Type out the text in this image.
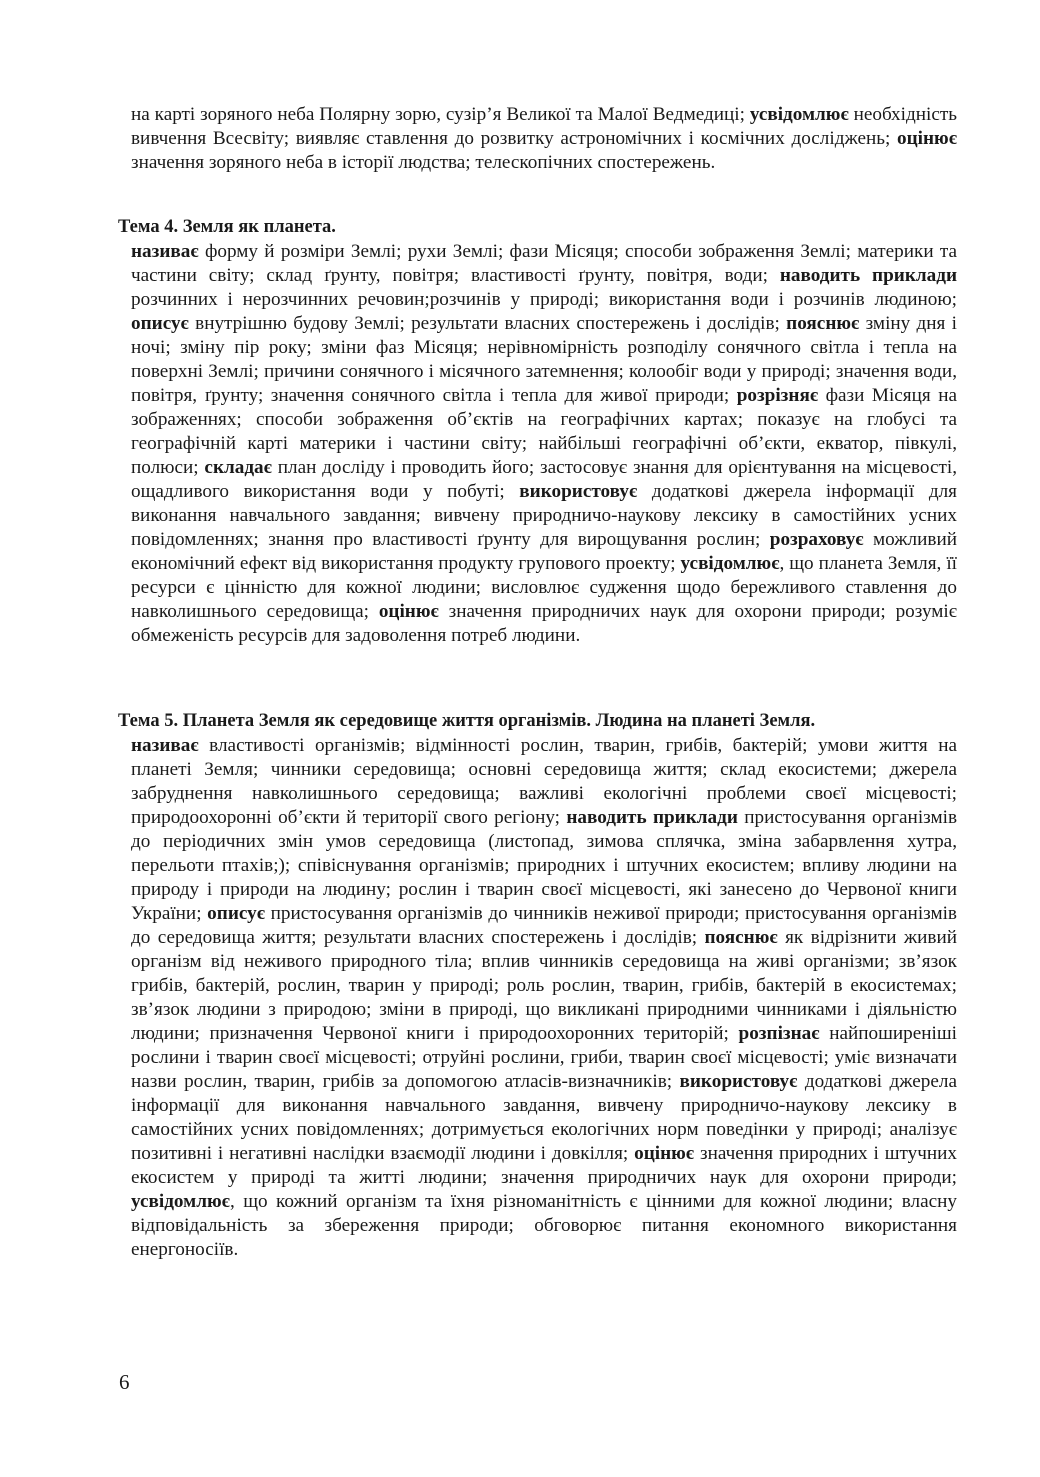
на карті зоряного неба Полярну зорю, сузір’я Великої та Малої Ведмедиці; усвідомлює необхідність вивчення Всесвіту; виявляє ставлення до розвитку астрономічних і космічних досліджень; оцінює значення зоряного неба в історії людства; телескопічних спостережень.

Тема 4. Земля як планета.

називає форму й розміри Землі; рухи Землі; фази Місяця; способи зображення Землі; материки та частини світу; склад ґрунту, повітря; властивості ґрунту, повітря, води; наводить приклади розчинних і нерозчинних речовин;розчинів у природі; використання води і розчинів людиною; описує внутрішню будову Землі; результати власних спостережень і дослідів; пояснює зміну дня і ночі; зміну пір року; зміни фаз Місяця; нерівномірність розподілу сонячного світла і тепла на поверхні Землі; причини сонячного і місячного затемнення; колообіг води у природі; значення води, повітря, ґрунту; значення сонячного світла і тепла для живої природи; розрізняє фази Місяця на зображеннях; способи зображення об’єктів на географічних картах; показує на глобусі та географічній карті материки і частини світу; найбільші географічні об’єкти, екватор, півкулі, полюси; складає план досліду і проводить його; застосовує знання для орієнтування на місцевості, ощадливого використання води у побуті; використовує додаткові джерела інформації для виконання навчального завдання; вивчену природничо-наукову лексику в самостійних усних повідомленнях; знання про властивості ґрунту для вирощування рослин; розраховує можливий економічний ефект від використання продукту групового проекту; усвідомлює, що планета Земля, її ресурси є цінністю для кожної людини; висловлює судження щодо бережливого ставлення до навколишнього середовища; оцінює значення природничих наук для охорони природи; розуміє обмеженість ресурсів для задоволення потреб людини.

Тема 5. Планета Земля як середовище життя організмів. Людина на планеті Земля.

називає властивості організмів; відмінності рослин, тварин, грибів, бактерій; умови життя на планеті Земля; чинники середовища; основні середовища життя; склад екосистеми; джерела забруднення навколишнього середовища; важливі екологічні проблеми своєї місцевості; природоохоронні об’єкти й території свого регіону; наводить приклади пристосування організмів до періодичних змін умов середовища (листопад, зимова сплячка, зміна забарвлення хутра, перельоти птахів;); співіснування організмів; природних і штучних екосистем; впливу людини на природу і природи на людину; рослин і тварин своєї місцевості, які занесено до Червоної книги України; описує пристосування організмів до чинників неживої природи; пристосування організмів до середовища життя; результати власних спостережень і дослідів; пояснює як відрізнити живий організм від неживого природного тіла; вплив чинників середовища на живі організми; зв’язок грибів, бактерій, рослин, тварин у природі; роль рослин, тварин, грибів, бактерій в екосистемах; зв’язок людини з природою; зміни в природі, що викликані природними чинниками і діяльністю людини; призначення Червоної книги і природоохоронних територій; розпізнає найпоширеніші рослини і тварин своєї місцевості; отруйні рослини, гриби, тварин своєї місцевості; уміє визначати назви рослин, тварин, грибів за допомогою атласів-визначників; використовує додаткові джерела інформації для виконання навчального завдання, вивчену природничо-наукову лексику в самостійних усних повідомленнях; дотримується екологічних норм поведінки у природі; аналізує позитивні і негативні наслідки взаємодії людини і довкілля; оцінює значення природних і штучних екосистем у природі та житті людини; значення природничих наук для охорони природи; усвідомлює, що кожний організм та їхня різноманітність є цінними для кожної людини; власну відповідальність за збереження природи; обговорює питання економного використання енергоносіїв.

6
